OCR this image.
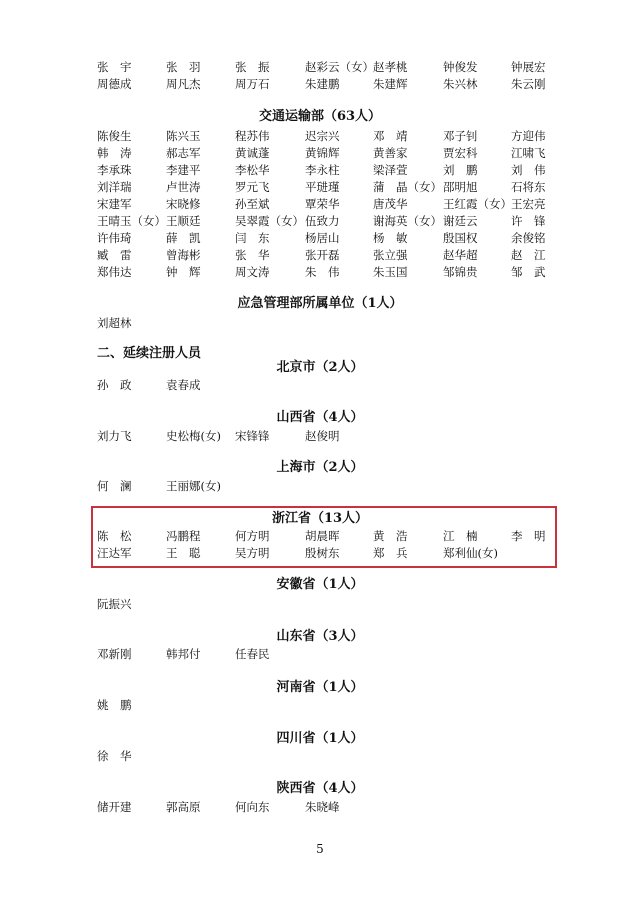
张　宇	张　羽	张　振	赵彩云（女） 赵孝桃	钟俊发	钟展宏
周德成	周凡杰	周万石	朱建鹏	朱建辉	朱兴林	朱云刚
交通运输部（63人）
陈俊生	陈兴玉	程苏伟	迟宗兴	邓　靖	邓子钊	方迎伟
韩　涛	郝志军	黄诚蓬	黄锦辉	黄善家	贾宏科	江啸飞
李承珠	李建平	李松华	李永柱	梁泽萱	刘　鹏	刘　伟
刘洋瑞	卢世涛	罗元飞	平琎瑾	蒲　晶（女） 邵明旭	石将东
宋建军	宋晓修	孙至斌	覃荣华	唐茂华	王红霞（女） 王宏亮
王晴玉（女） 王顺廷	吴翠霞（女） 伍致力	谢海英（女） 谢廷云	许　锋
许伟琦	薛　凯	闫　东	杨居山	杨　敏	殷国权	余俊铭
臧　雷	曾海彬	张　华	张开磊	张立强	赵华超	赵　江
郑伟达	钟　辉	周文涛	朱　伟	朱玉国	邹锦贵	邹　武
应急管理部所属单位（1人）
刘超林
二、延续注册人员
北京市（2人）
孙　政	袁春成
山西省（4人）
刘力飞	史松梅(女)	宋锋锋	赵俊明
上海市（2人）
何　澜	王丽娜(女)
浙江省（13人）
陈　松	冯鹏程	何方明	胡晨晖	黄　浩	江　楠	李　明
汪达军	王　聪	吴方明	殷树东	郑　兵	郑利仙(女)
安徽省（1人）
阮振兴
山东省（3人）
邓新刚	韩邦付	任春民
河南省（1人）
姚　鹏
四川省（1人）
徐　华
陕西省（4人）
储开建	郭高原	何向东	朱晓峰
5
